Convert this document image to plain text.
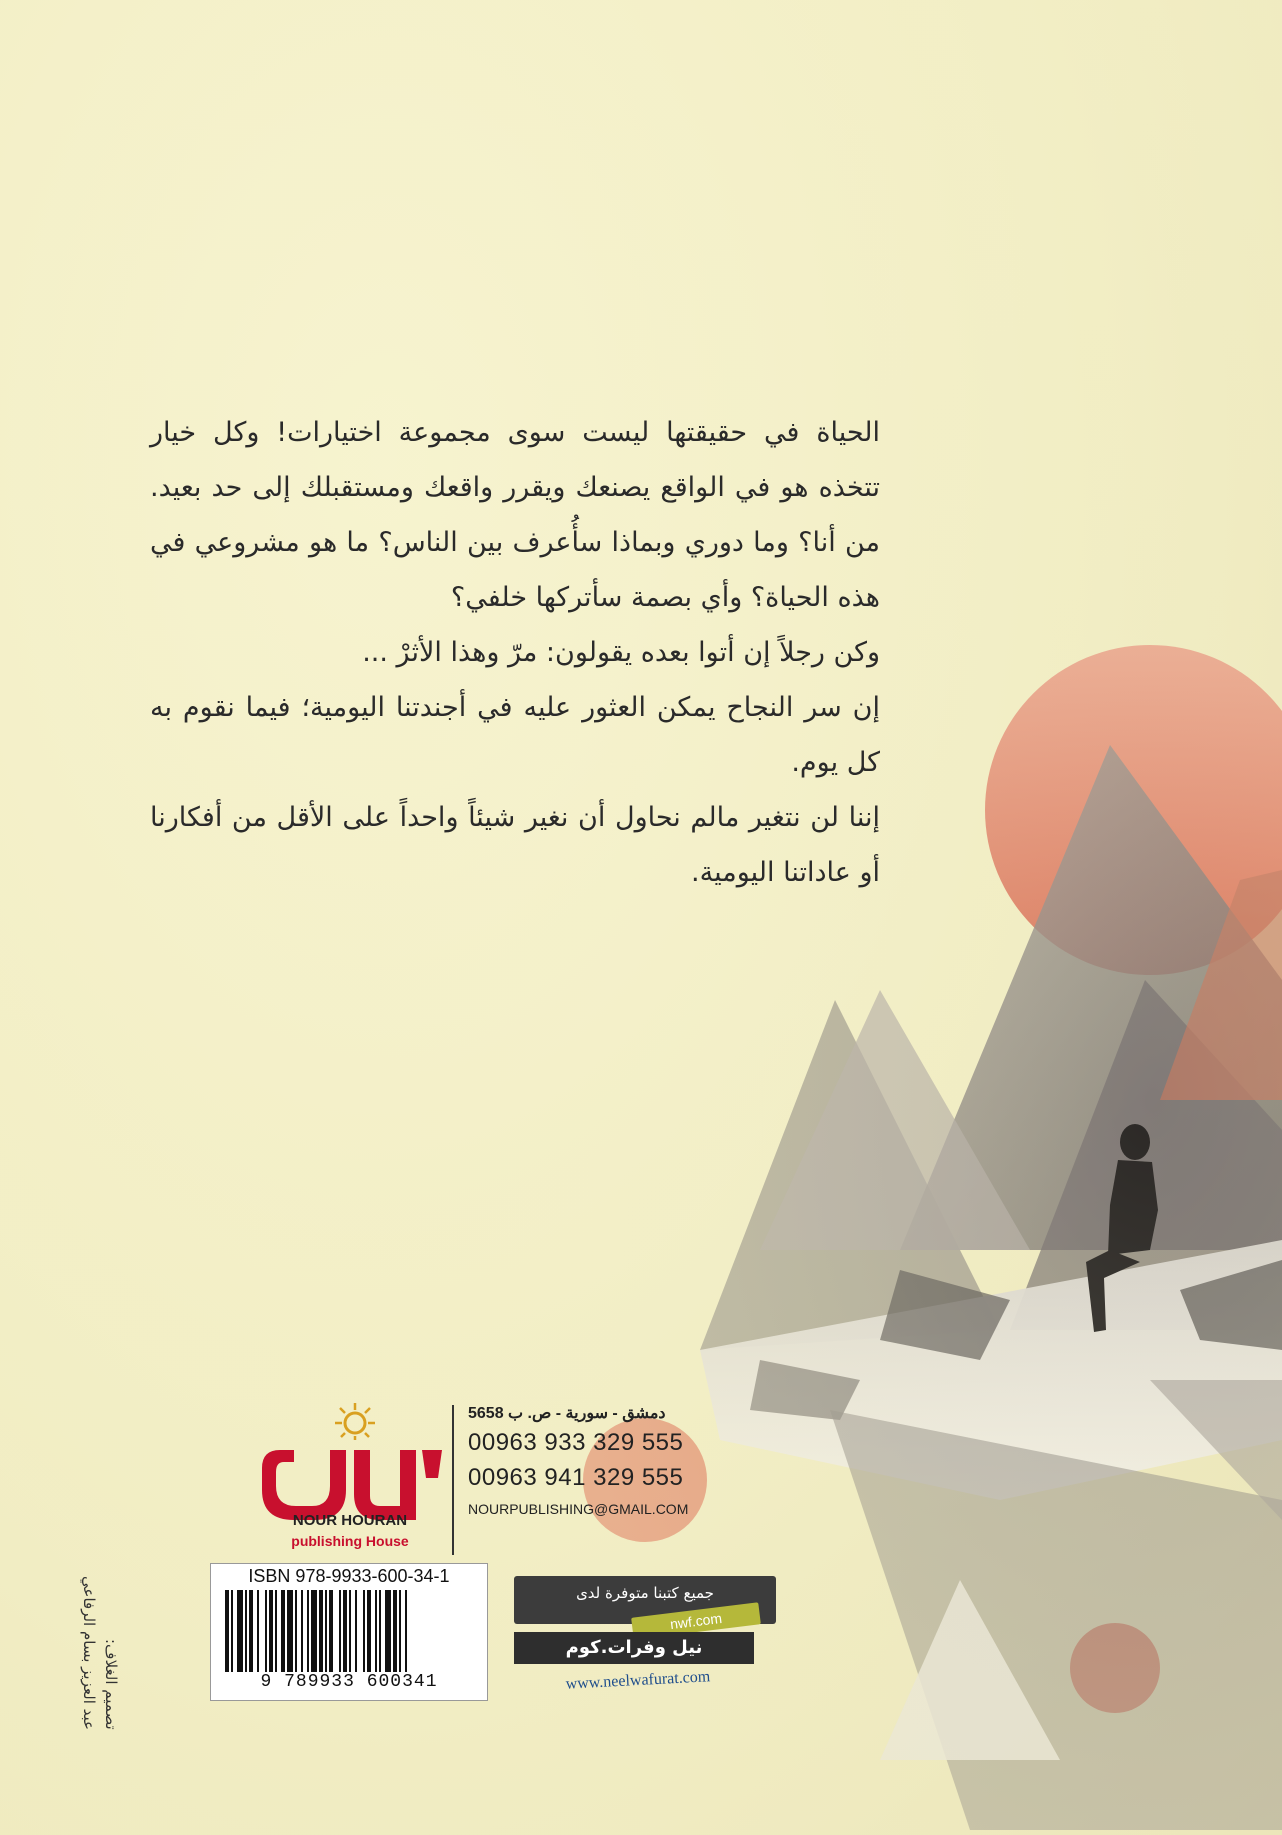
الحياة في حقيقتها ليست سوى مجموعة اختيارات! وكل خيار تتخذه هو في الواقع يصنعك ويقرر واقعك ومستقبلك إلى حد بعيد. من أنا؟ وما دوري وبماذا سأُعرف بين الناس؟ ما هو مشروعي في هذه الحياة؟ وأي بصمة سأتركها خلفي؟

وكن رجلاً إن أتوا بعده يقولون: مرّ وهذا الأثرْ ...

إن سر النجاح يمكن العثور عليه في أجندتنا اليومية؛ فيما نقوم به كل يوم.

إننا لن نتغير مالم نحاول أن نغير شيئاً واحداً على الأقل من أفكارنا أو عاداتنا اليومية.

NOUR HOURAN
publishing House
دمشق - سورية - ص. ب 5658
00963 933 329 555
00963 941 329 555
NOURPUBLISHING@GMAIL.COM
ISBN 978-9933-600-34-1
9 789933 600341
تصميم الغلاف:
عبد العزيز بسام الرفاعي	جميع كتبنا متوفرة لدى
nwf.com
نيل وفرات.كوم
www.neelwafurat.com
